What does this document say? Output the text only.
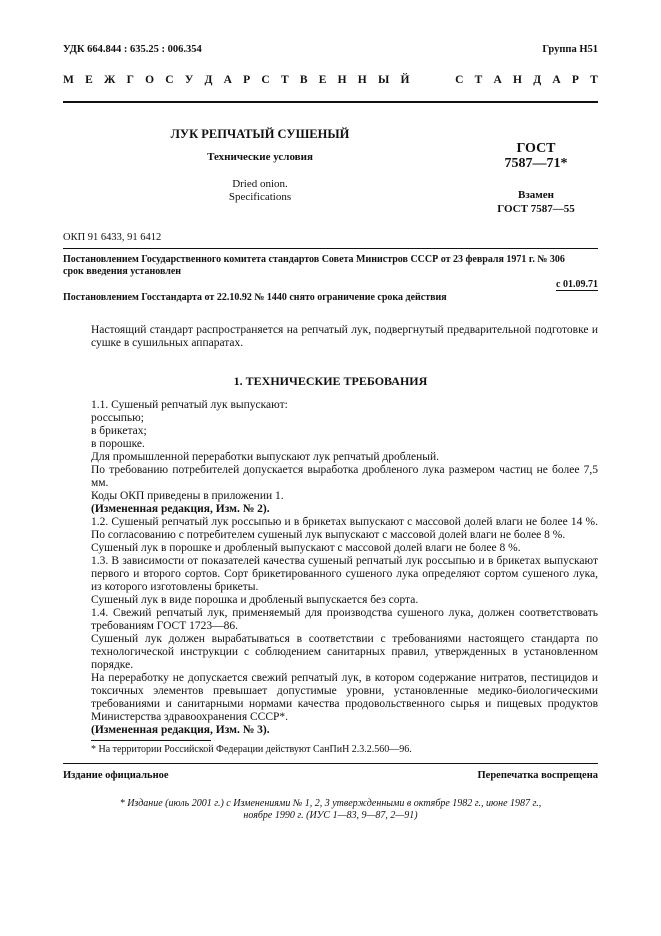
УДК 664.844 : 635.25 : 006.354	Группа Н51
М Е Ж Г О С У Д А Р С Т В Е Н Н Ы Й	С Т А Н Д А Р Т
ЛУК РЕПЧАТЫЙ СУШЕНЫЙ
Технические условия
Dried onion.
Specifications
ГОСТ
7587—71*
Взамен
ГОСТ 7587—55
ОКП 91 6433, 91 6412
Постановлением Государственного комитета стандартов Совета Министров СССР от 23 февраля 1971 г. № 306
срок введения установлен
с 01.09.71
Постановлением Госстандарта от 22.10.92 № 1440 снято ограничение срока действия
Настоящий стандарт распространяется на репчатый лук, подвергнутый предварительной подготовке и сушке в сушильных аппаратах.
1. ТЕХНИЧЕСКИЕ ТРЕБОВАНИЯ
1.1. Сушеный репчатый лук выпускают:
россыпью;
в брикетах;
в порошке.
Для промышленной переработки выпускают лук репчатый дробленый.
По требованию потребителей допускается выработка дробленого лука размером частиц не более 7,5 мм.
Коды ОКП приведены в приложении 1.
(Измененная редакция, Изм. № 2).
1.2. Сушеный репчатый лук россыпью и в брикетах выпускают с массовой долей влаги не более 14 %. По согласованию с потребителем сушеный лук выпускают с массовой долей влаги не более 8 %.
Сушеный лук в порошке и дробленый выпускают с массовой долей влаги не более 8 %.
1.3. В зависимости от показателей качества сушеный репчатый лук россыпью и в брикетах выпускают первого и второго сортов. Сорт брикетированного сушеного лука определяют сортом сушеного лука, из которого изготовлены брикеты.
Сушеный лук в виде порошка и дробленый выпускается без сорта.
1.4. Свежий репчатый лук, применяемый для производства сушеного лука, должен соответствовать требованиям ГОСТ 1723—86.
Сушеный лук должен вырабатываться в соответствии с требованиями настоящего стандарта по технологической инструкции с соблюдением санитарных правил, утвержденных в установленном порядке.
На переработку не допускается свежий репчатый лук, в котором содержание нитратов, пестицидов и токсичных элементов превышает допустимые уровни, установленные медико-биологическими требованиями и санитарными нормами качества продовольственного сырья и пищевых продуктов Министерства здравоохранения СССР*.
(Измененная редакция, Изм. № 3).
* На территории Российской Федерации действуют СанПиН 2.3.2.560—96.
Издание официальное	Перепечатка воспрещена
* Издание (июль 2001 г.) с Изменениями № 1, 2, 3 утвержденными в октябре 1982 г., июне 1987 г.,
ноябре 1990 г. (ИУС 1—83, 9—87, 2—91)
